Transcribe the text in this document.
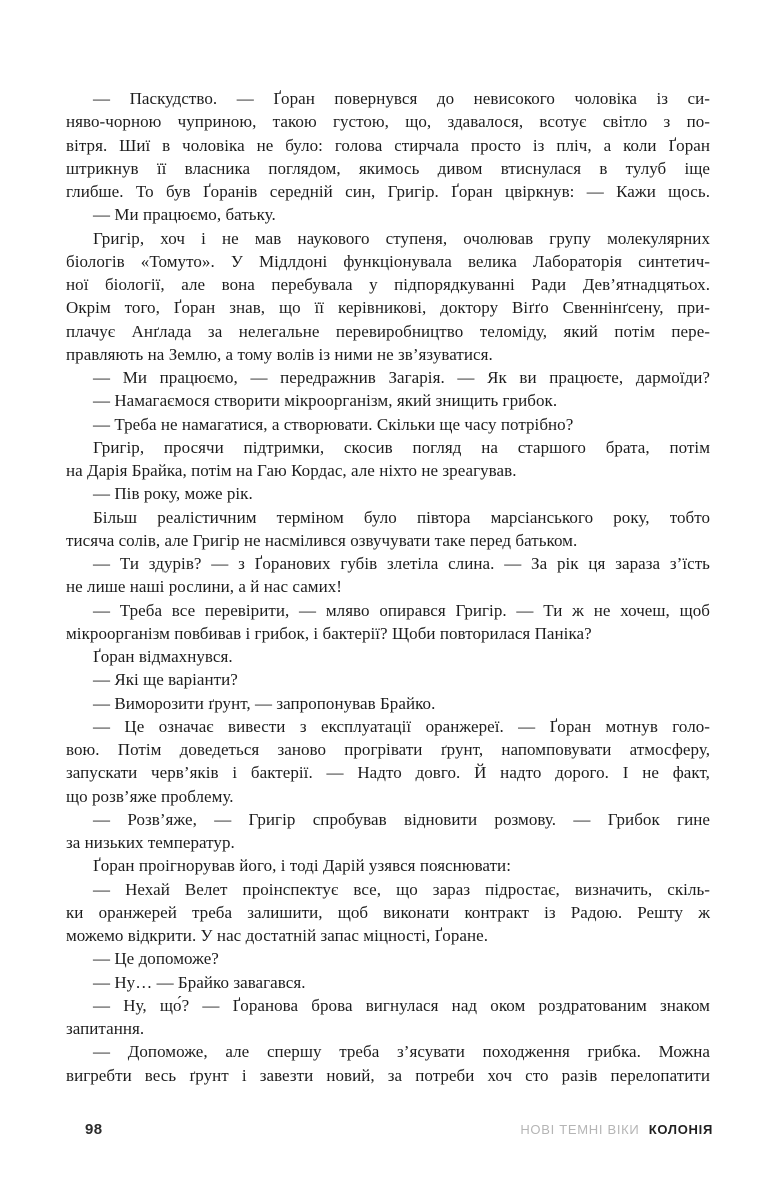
— Паскудство. — Ґоран повернувся до невисокого чоловіка із си-
няво-чорною чуприною, такою густою, що, здавалося, всотує світло з по-
вітря. Шиї в чоловіка не було: голова стирчала просто із пліч, а коли Ґоран
штрикнув її власника поглядом, якимось дивом втиснулася в тулуб іще
глибше. То був Ґоранів середній син, Григір. Ґоран цвіркнув: — Кажи щось.
— Ми працюємо, батьку.
Григір, хоч і не мав наукового ступеня, очолював групу молекулярних
біологів «Томуто». У Мідлдоні функціонувала велика Лабораторія синтетич-
ної біології, але вона перебувала у підпорядкуванні Ради Дев’ятнадцятьох.
Окрім того, Ґоран знав, що її керівникові, доктору Віґґо Свеннінґсену, при-
плачує Анґлада за нелегальне перевиробництво теломіду, який потім пере-
правляють на Землю, а тому волів із ними не зв’язуватися.
— Ми працюємо, — передражнив Загарія. — Як ви працюєте, дармоїди?
— Намагаємося створити мікроорганізм, який знищить грибок.
— Треба не намагатися, а створювати. Скільки ще часу потрібно?
Григір, просячи підтримки, скосив погляд на старшого брата, потім
на Дарія Брайка, потім на Гаю Кордас, але ніхто не зреагував.
— Пів року, може рік.
Більш реалістичним терміном було півтора марсіанського року, тобто
тисяча солів, але Григір не насмілився озвучувати таке перед батьком.
— Ти здурів? — з Ґоранових губів злетіла слина. — За рік ця зараза з’їсть
не лише наші рослини, а й нас самих!
— Треба все перевірити, — мляво опирався Григір. — Ти ж не хочеш, щоб
мікроорганізм повбивав і грибок, і бактерії? Щоби повторилася Паніка?
Ґоран відмахнувся.
— Які ще варіанти?
— Виморозити ґрунт, — запропонував Брайко.
— Це означає вивести з експлуатації оранжереї. — Ґоран мотнув голо-
вою. Потім доведеться заново прогрівати ґрунт, напомповувати атмосферу,
запускати черв’яків і бактерії. — Надто довго. Й надто дорого. І не факт,
що розв’яже проблему.
— Розв’яже, — Григір спробував відновити розмову. — Грибок гине
за низьких температур.
Ґоран проігнорував його, і тоді Дарій узявся пояснювати:
— Нехай Велет проінспектує все, що зараз підростає, визначить, скіль-
ки оранжерей треба залишити, щоб виконати контракт із Радою. Решту ж
можемо відкрити. У нас достатній запас міцності, Ґоране.
— Це допоможе?
— Ну… — Брайко завагався.
— Ну, що́? — Ґоранова брова вигнулася над оком роздратованим знаком
запитання.
— Допоможе, але спершу треба з’ясувати походження грибка. Можна
вигребти весь ґрунт і завезти новий, за потреби хоч сто разів перелопатити
98	НОВІ ТЕМНІ ВІКИ КОЛОНІЯ
